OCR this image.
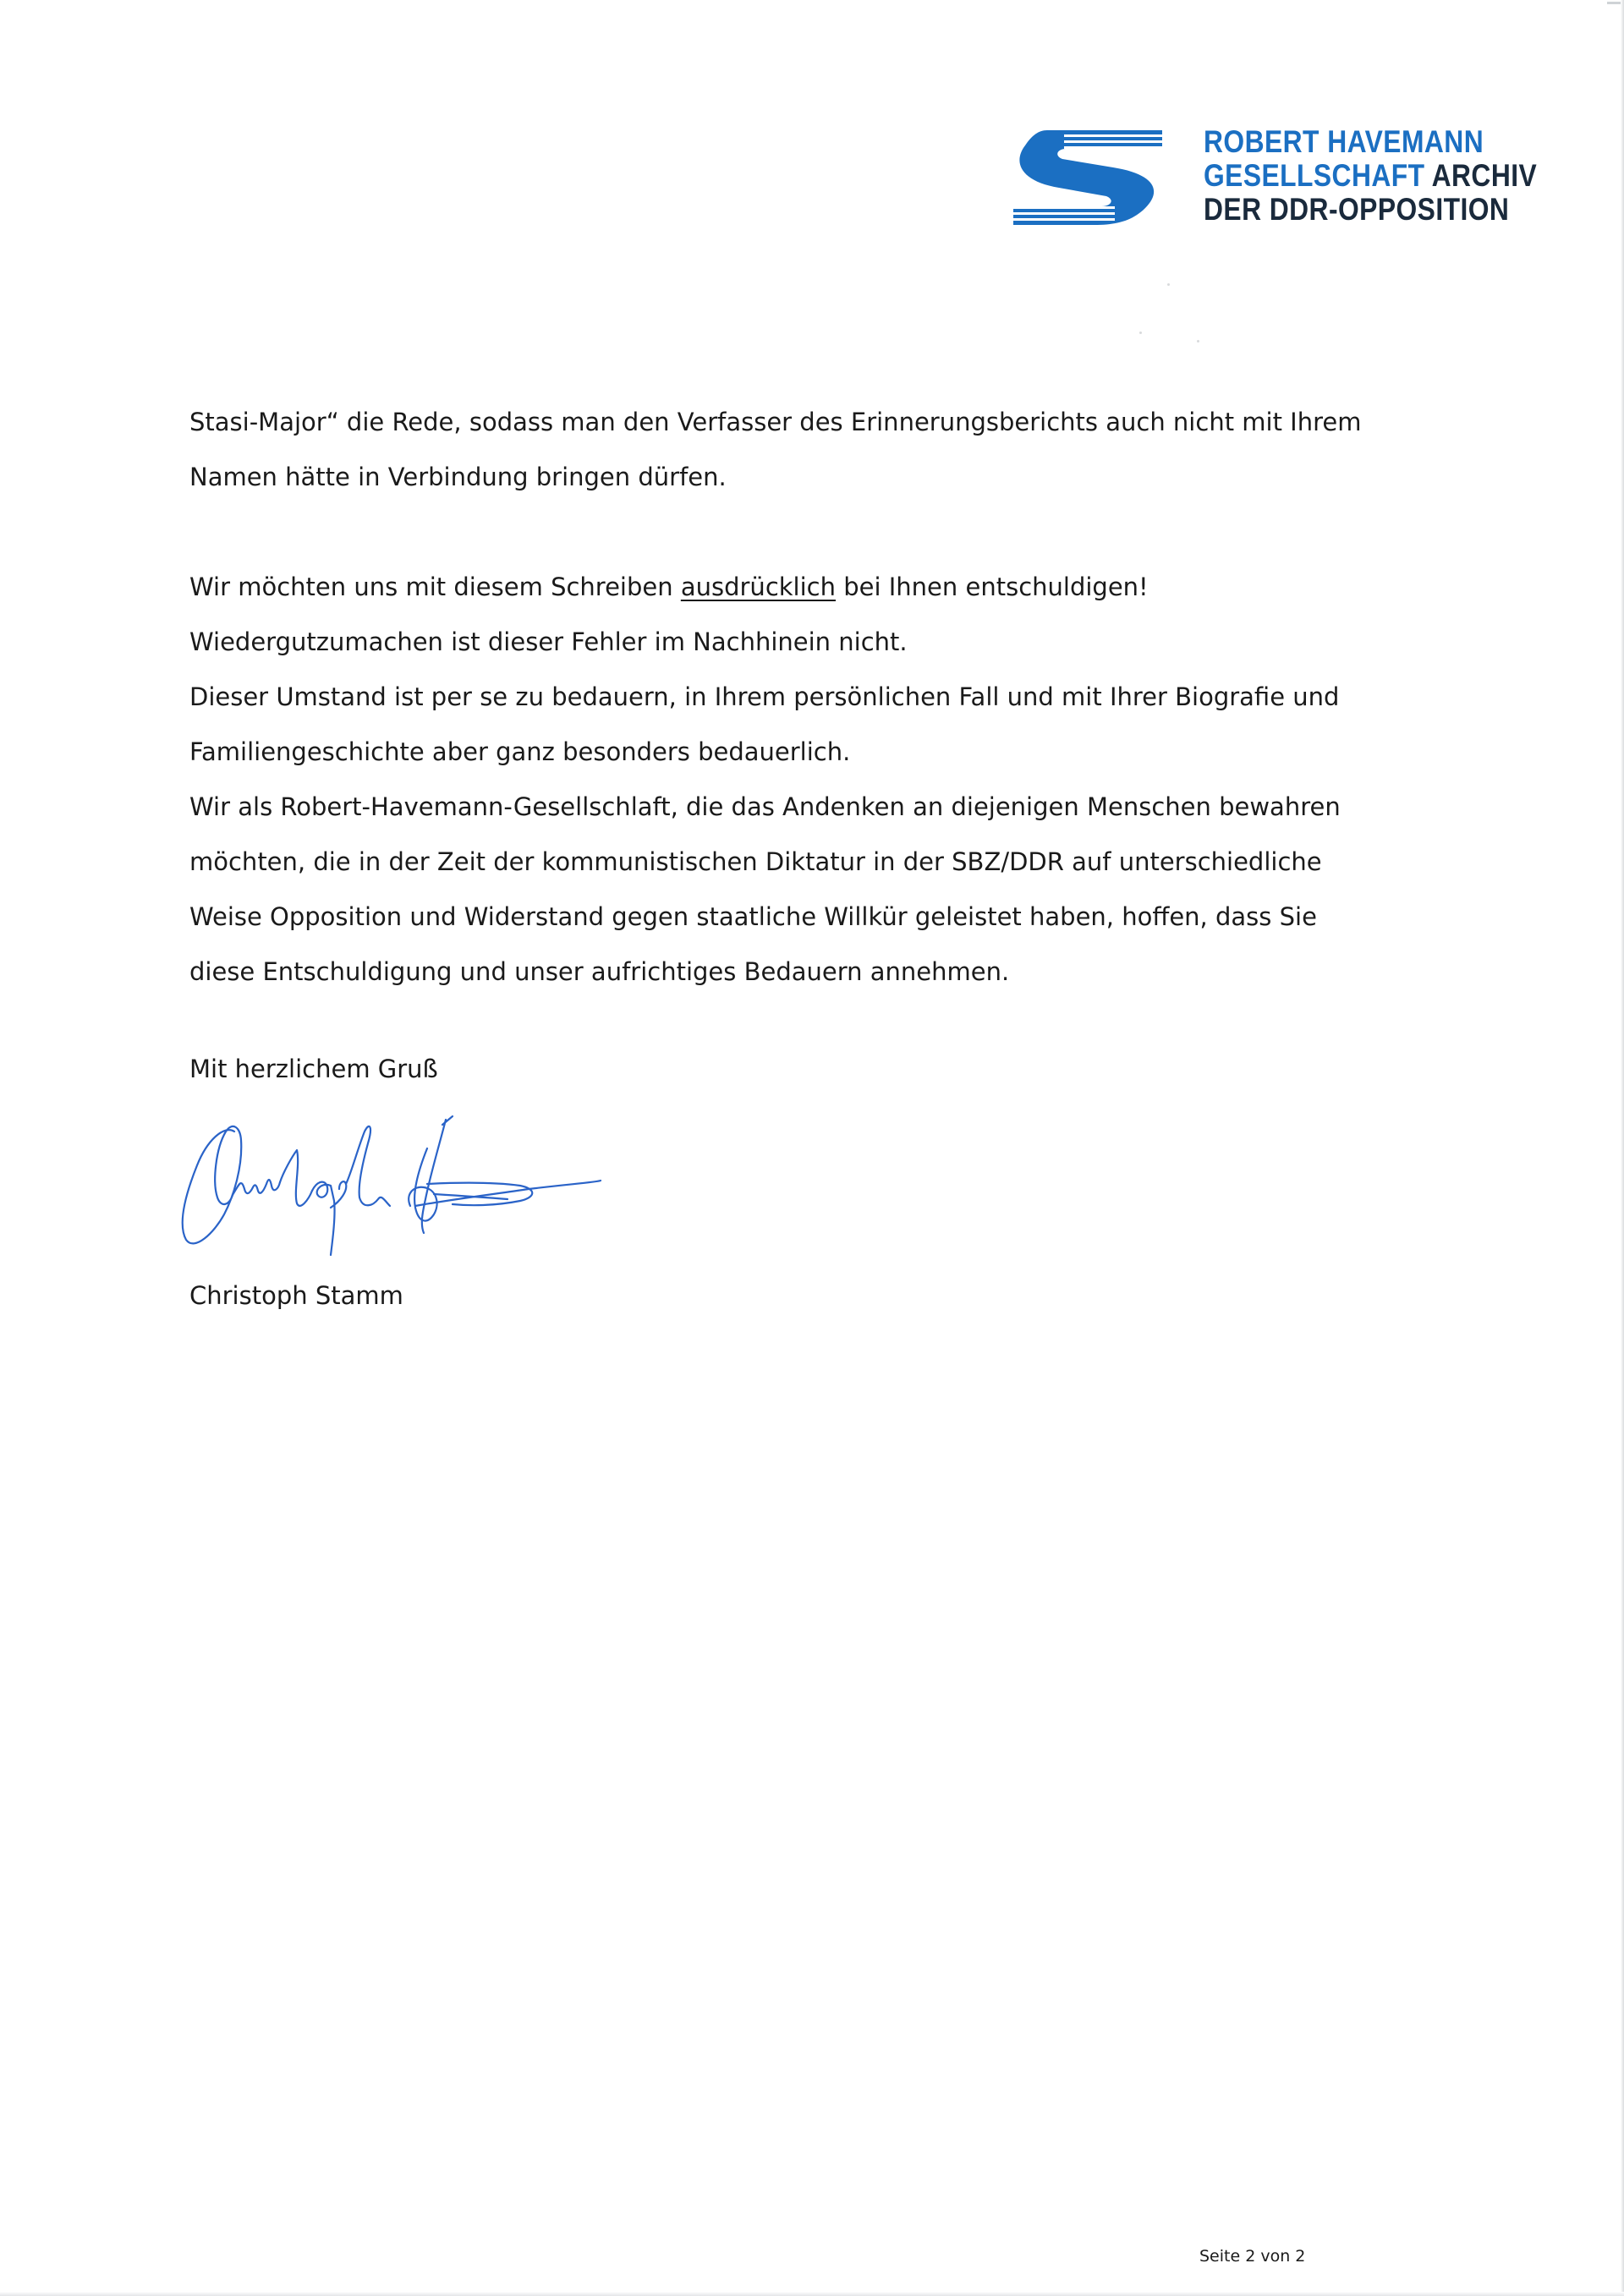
ROBERT HAVEMANN
GESELLSCHAFT ARCHIV
DER DDR-OPPOSITION

Stasi-Major“ die Rede, sodass man den Verfasser des Erinnerungsberichts auch nicht mit Ihrem
Namen hätte in Verbindung bringen dürfen.

Wir möchten uns mit diesem Schreiben ausdrücklich bei Ihnen entschuldigen!
Wiedergutzumachen ist dieser Fehler im Nachhinein nicht.
Dieser Umstand ist per se zu bedauern, in Ihrem persönlichen Fall und mit Ihrer Biografie und
Familiengeschichte aber ganz besonders bedauerlich.
Wir als Robert-Havemann-Gesellschlaft, die das Andenken an diejenigen Menschen bewahren
möchten, die in der Zeit der kommunistischen Diktatur in der SBZ/DDR auf unterschiedliche
Weise Opposition und Widerstand gegen staatliche Willkür geleistet haben, hoffen, dass Sie
diese Entschuldigung und unser aufrichtiges Bedauern annehmen.

Mit herzlichem Gruß
Christoph Stamm
Seite 2 von 2
